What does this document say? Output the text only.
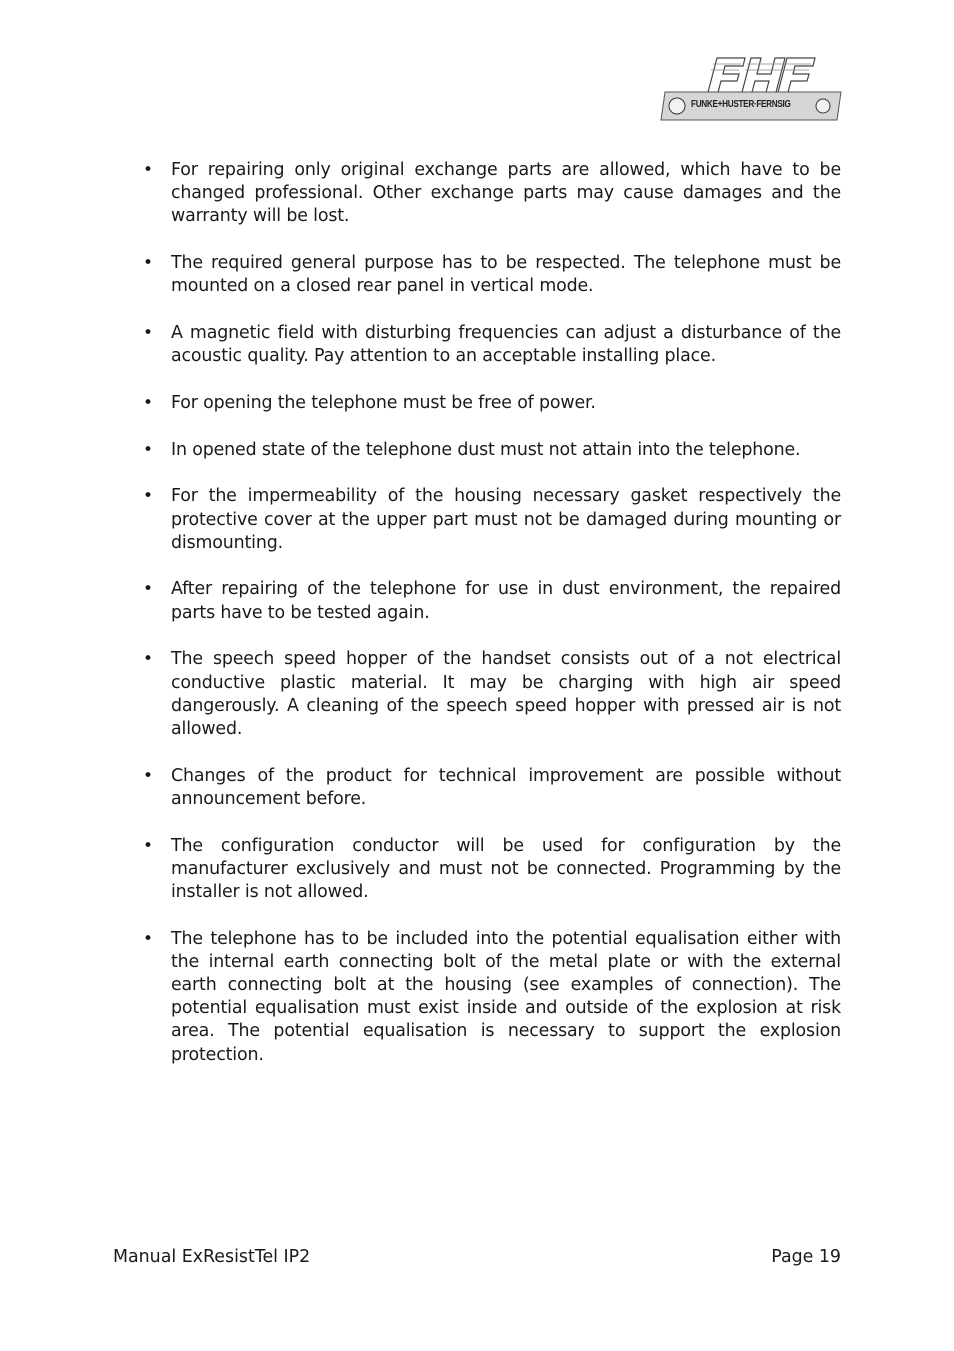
FUNKE+HUSTER·FERNSIG
• For repairing only original exchange parts are allowed, which have to be changed professional. Other exchange parts may cause damages and the warranty will be lost.
• The required general purpose has to be respected. The telephone must be mounted on a closed rear panel in vertical mode.
• A magnetic field with disturbing frequencies can adjust a disturbance of the acoustic quality. Pay attention to an acceptable installing place.
• For opening the telephone must be free of power.
• In opened state of the telephone dust must not attain into the telephone.
• For the impermeability of the housing necessary gasket respectively the protective cover at the upper part must not be damaged during mounting or dismounting.
• After repairing of the telephone for use in dust environment, the repaired parts have to be tested again.
• The speech speed hopper of the handset consists out of a not electrical conductive plastic material. It may be charging with high air speed dangerously. A cleaning of the speech speed hopper with pressed air is not allowed.
• Changes of the product for technical improvement are possible without announcement before.
• The configuration conductor will be used for configuration by the manufacturer exclusively and must not be connected. Programming by the installer is not allowed.
• The telephone has to be included into the potential equalisation either with the internal earth connecting bolt of the metal plate or with the external earth connecting bolt at the housing (see examples of connection). The potential equalisation must exist inside and outside of the explosion at risk area. The potential equalisation is necessary to support the explosion protection.
Manual ExResistTel IP2	Page 19
